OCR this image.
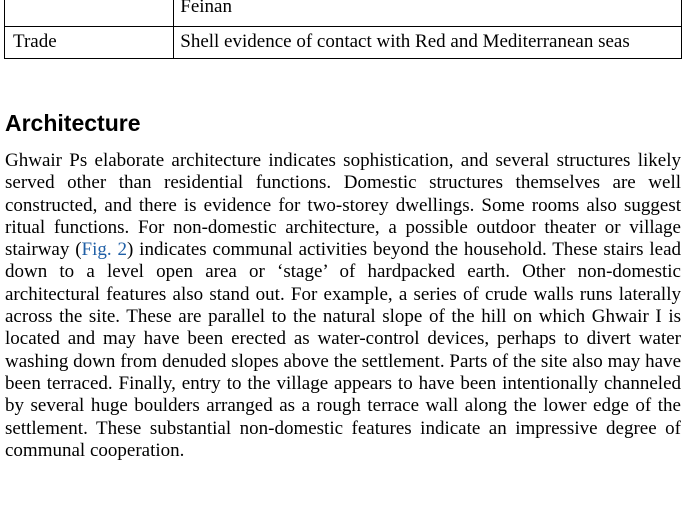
	Feinan
Trade	Shell evidence of contact with Red and Mediterranean seas
Architecture

Ghwair Ps elaborate architecture indicates sophistication, and several structures likely served other than residential functions. Domestic structures themselves are well constructed, and there is evidence for two-storey dwellings. Some rooms also suggest ritual functions. For non-domestic architecture, a possible outdoor theater or village stairway (Fig. 2) indicates communal activities beyond the household. These stairs lead down to a level open area or ‘stage’ of hardpacked earth. Other non-domestic architectural features also stand out. For example, a series of crude walls runs laterally across the site. These are parallel to the natural slope of the hill on which Ghwair I is located and may have been erected as water-control devices, perhaps to divert water washing down from denuded slopes above the settlement. Parts of the site also may have been terraced. Finally, entry to the village appears to have been intentionally channeled by several huge boulders arranged as a rough terrace wall along the lower edge of the settlement. These substantial non-domestic features indicate an impressive degree of communal cooperation.
